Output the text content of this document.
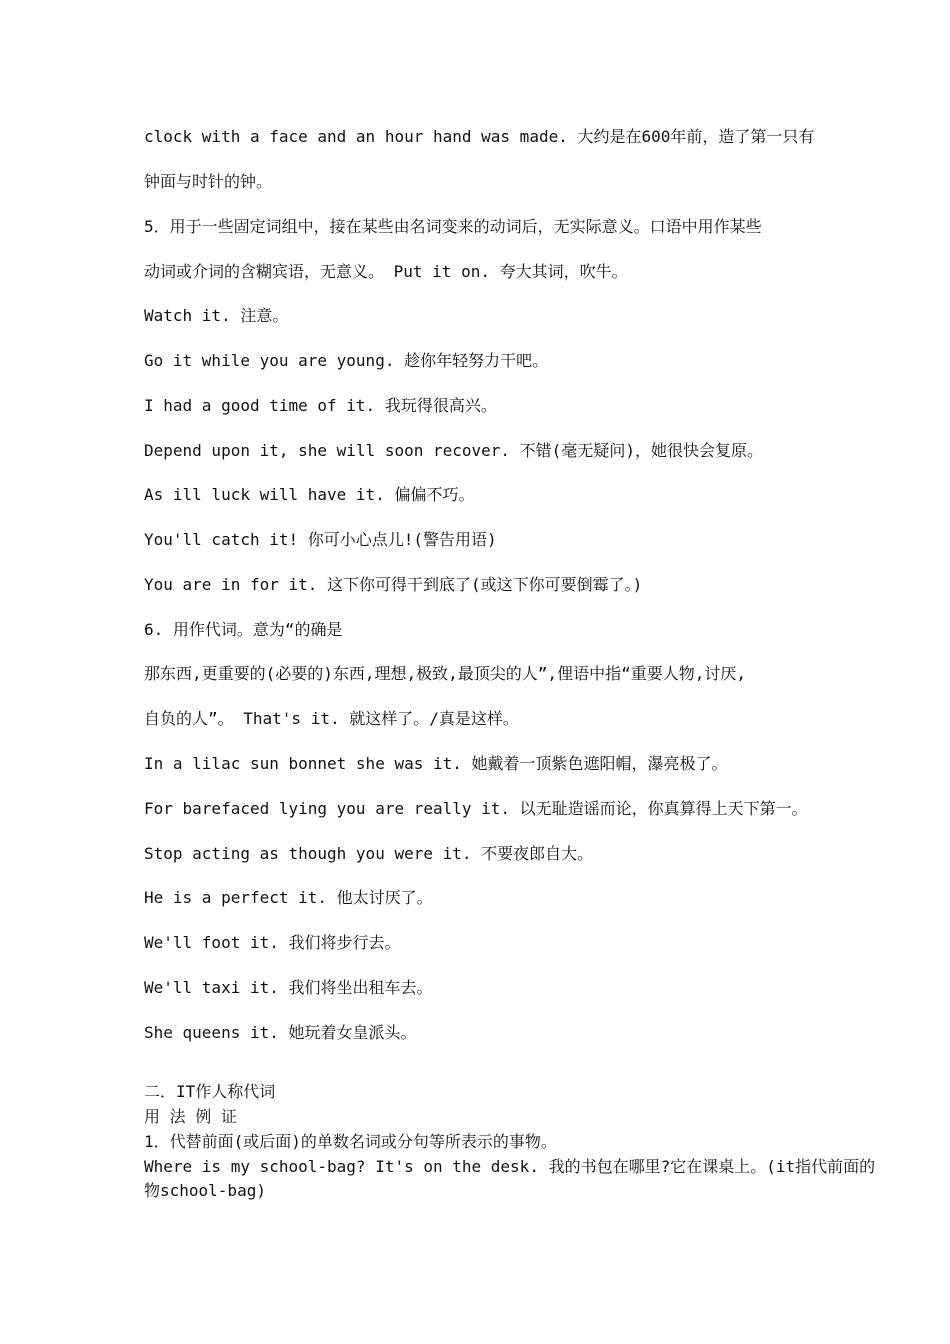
clock with a face and an hour hand was made. 大约是在600年前，造了第一只有

钟面与时针的钟。

5．用于一些固定词组中，接在某些由名词变来的动词后，无实际意义。口语中用作某些

动词或介词的含糊宾语，无意义。 Put it on. 夸大其词，吹牛。

Watch it. 注意。

Go it while you are young. 趁你年轻努力干吧。

I had a good time of it. 我玩得很高兴。

Depend upon it, she will soon recover. 不错(毫无疑问)，她很快会复原。

As ill luck will have it. 偏偏不巧。

You'll catch it! 你可小心点儿!(警告用语)

You are in for it. 这下你可得干到底了(或这下你可要倒霉了。)

6. 用作代词。意为“的确是

那东西,更重要的(必要的)东西,理想,极致,最顶尖的人”,俚语中指“重要人物,讨厌,

自负的人”。 That's it. 就这样了。/真是这样。

In a lilac sun bonnet she was it. 她戴着一顶紫色遮阳帽，瀑亮极了。

For barefaced lying you are really it. 以无耻造谣而论，你真算得上天下第一。

Stop acting as though you were it. 不要夜郎自大。

He is a perfect it. 他太讨厌了。

We'll foot it. 我们将步行去。

We'll taxi it. 我们将坐出租车去。

She queens it. 她玩着女皇派头。

二．IT作人称代词

用 法 例 证

1．代替前面(或后面)的单数名词或分句等所表示的事物。

Where is my school-bag? It's on the desk. 我的书包在哪里?它在课桌上。(it指代前面的物school-bag)
